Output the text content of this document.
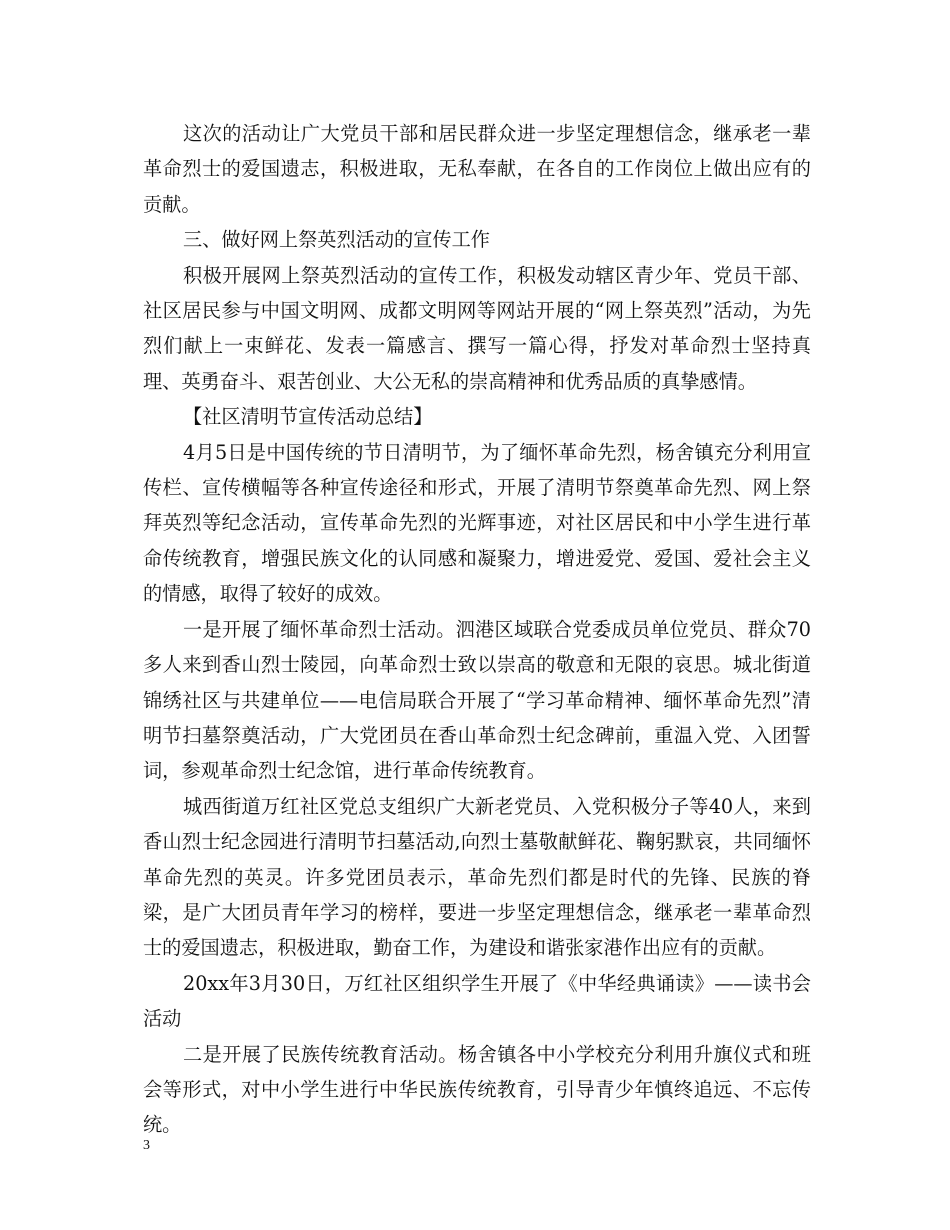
这次的活动让广大党员干部和居民群众进一步坚定理想信念，继承老一辈革命烈士的爱国遗志，积极进取，无私奉献，在各自的工作岗位上做出应有的贡献。

三、做好网上祭英烈活动的宣传工作

积极开展网上祭英烈活动的宣传工作，积极发动辖区青少年、党员干部、社区居民参与中国文明网、成都文明网等网站开展的“网上祭英烈”活动，为先烈们献上一束鲜花、发表一篇感言、撰写一篇心得，抒发对革命烈士坚持真理、英勇奋斗、艰苦创业、大公无私的崇高精神和优秀品质的真挚感情。

【社区清明节宣传活动总结】

4月5日是中国传统的节日清明节，为了缅怀革命先烈，杨舍镇充分利用宣传栏、宣传横幅等各种宣传途径和形式，开展了清明节祭奠革命先烈、网上祭拜英烈等纪念活动，宣传革命先烈的光辉事迹，对社区居民和中小学生进行革命传统教育，增强民族文化的认同感和凝聚力，增进爱党、爱国、爱社会主义的情感，取得了较好的成效。

一是开展了缅怀革命烈士活动。泗港区域联合党委成员单位党员、群众70多人来到香山烈士陵园，向革命烈士致以崇高的敬意和无限的哀思。城北街道锦绣社区与共建单位——电信局联合开展了“学习革命精神、缅怀革命先烈”清明节扫墓祭奠活动，广大党团员在香山革命烈士纪念碑前，重温入党、入团誓词，参观革命烈士纪念馆，进行革命传统教育。

城西街道万红社区党总支组织广大新老党员、入党积极分子等40人，来到香山烈士纪念园进行清明节扫墓活动,向烈士墓敬献鲜花、鞠躬默哀，共同缅怀革命先烈的英灵。许多党团员表示，革命先烈们都是时代的先锋、民族的脊梁，是广大团员青年学习的榜样，要进一步坚定理想信念，继承老一辈革命烈士的爱国遗志，积极进取，勤奋工作，为建设和谐张家港作出应有的贡献。

20xx年3月30日，万红社区组织学生开展了《中华经典诵读》——读书会活动

二是开展了民族传统教育活动。杨舍镇各中小学校充分利用升旗仪式和班会等形式，对中小学生进行中华民族传统教育，引导青少年慎终追远、不忘传统。

3
